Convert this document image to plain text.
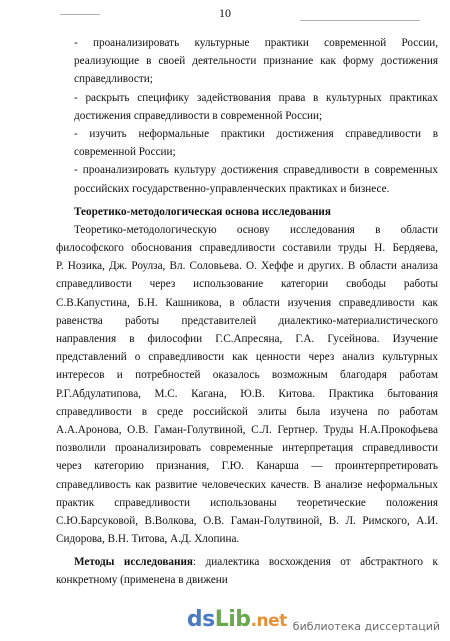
10
- проанализировать культурные практики современной России,
реализующие в своей деятельности признание как форму достижения
справедливости;
- раскрыть специфику задействования права в культурных практиках
достижения справедливости в современной России;
- изучить неформальные практики достижения справедливости в
современной России;
- проанализировать культуру достижения справедливости в современных
российских государственно-управленческих практиках и бизнесе.
Теоретико-методологическая основа исследования
Теоретико-методологическую основу исследования в области
философского обоснования справедливости составили труды Н. Бердяева,
Р. Нозика, Дж. Роулза, Вл. Соловьева. О. Хеффе и других. В области анализа
справедливости через использование категории свободы работы
С.В.Капустина, Б.Н. Кашникова, в области изучения справедливости как
равенства работы представителей диалектико-материалистического
направления в философии Г.С.Апресяна, Г.А. Гусейнова. Изучение
представлений о справедливости как ценности через анализ культурных
интересов и потребностей оказалось возможным благодаря работам
Р.Г.Абдулатипова, М.С. Кагана, Ю.В. Китова. Практика бытования
справедливости в среде российской элиты была изучена по работам
А.А.Аронова, О.В. Гаман-Голутвиной, С.Л. Гертнер. Труды Н.А.Прокофьева
позволили проанализировать современные интерпретация справедливости
через категорию признания, Г.Ю. Канарша — проинтерпретировать
справедливость как развитие человеческих качеств. В анализе неформальных
практик справедливости использованы теоретические положения
С.Ю.Барсуковой, В.Волкова, О.В. Гаман-Голутвиной, В. Л. Римского, А.И.
Сидорова, В.Н. Титова, А.Д. Хлопина.
Методы исследования: диалектика восхождения от абстрактного к
конкретному (применена в движени
dsLib.net библиотека диссертаций
